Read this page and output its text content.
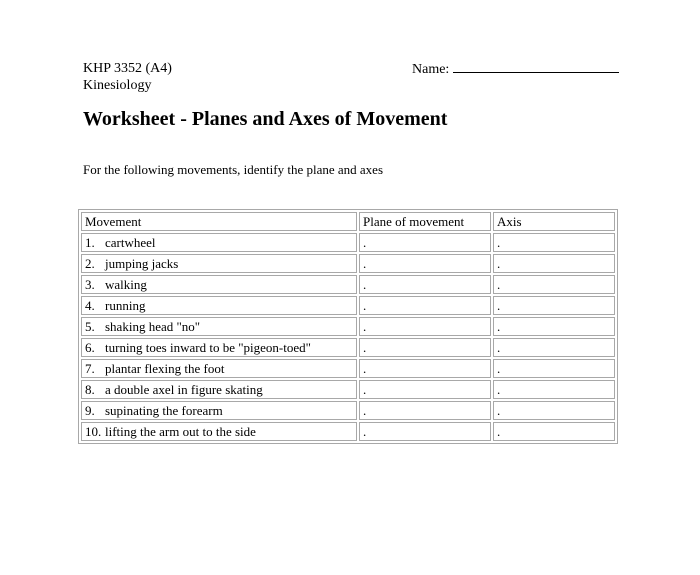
KHP 3352 (A4)
Kinesiology
Name:
Worksheet - Planes and Axes of Movement
For the following movements, identify the plane and axes
Movement	Plane of movement	Axis
1. cartwheel	.	.
2. jumping jacks	.	.
3. walking	.	.
4. running	.	.
5. shaking head "no"	.	.
6. turning toes inward to be "pigeon-toed"	.	.
7. plantar flexing the foot	.	.
8. a double axel in figure skating	.	.
9. supinating the forearm	.	.
10. lifting the arm out to the side	.	.
